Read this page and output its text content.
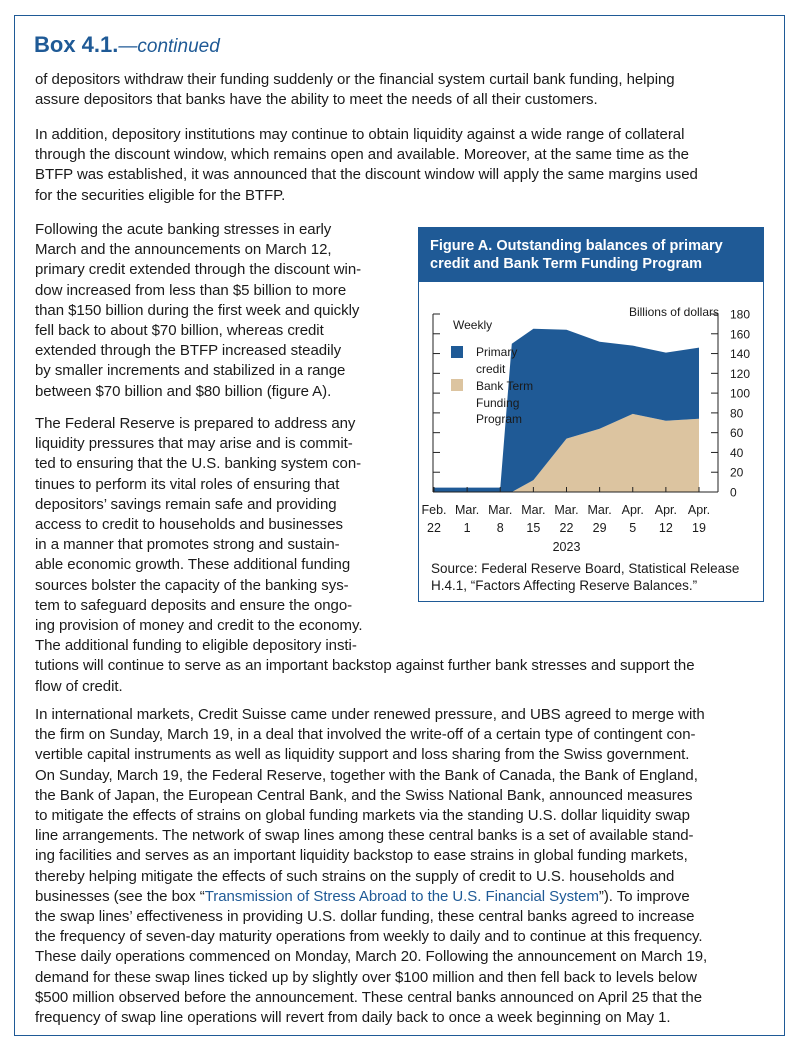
Box 4.1.—continued

of depositors withdraw their funding suddenly or the financial system curtail bank funding, helping
assure depositors that banks have the ability to meet the needs of all their customers.

In addition, depository institutions may continue to obtain liquidity against a wide range of collateral
through the discount window, which remains open and available. Moreover, at the same time as the
BTFP was established, it was announced that the discount window will apply the same margins used
for the securities eligible for the BTFP.

Following the acute banking stresses in early
March and the announcements on March 12,
primary credit extended through the discount win-
dow increased from less than $5 billion to more
than $150 billion during the first week and quickly
fell back to about $70 billion, whereas credit
extended through the BTFP increased steadily
by smaller increments and stabilized in a range
between $70 billion and $80 billion (figure A).

The Federal Reserve is prepared to address any
liquidity pressures that may arise and is commit-
ted to ensuring that the U.S. banking system con-
tinues to perform its vital roles of ensuring that
depositors’ savings remain safe and providing
access to credit to households and businesses
in a manner that promotes strong and sustain-
able economic growth. These additional funding
sources bolster the capacity of the banking sys-
tem to safeguard deposits and ensure the ongo-
ing provision of money and credit to the economy.
The additional funding to eligible depository insti-
tutions will continue to serve as an important backstop against further bank stresses and support the
flow of credit.

In international markets, Credit Suisse came under renewed pressure, and UBS agreed to merge with
the firm on Sunday, March 19, in a deal that involved the write-off of a certain type of contingent con-
vertible capital instruments as well as liquidity support and loss sharing from the Swiss government.
On Sunday, March 19, the Federal Reserve, together with the Bank of Canada, the Bank of England,
the Bank of Japan, the European Central Bank, and the Swiss National Bank, announced measures
to mitigate the effects of strains on global funding markets via the standing U.S. dollar liquidity swap
line arrangements. The network of swap lines among these central banks is a set of available stand-
ing facilities and serves as an important liquidity backstop to ease strains in global funding markets,
thereby helping mitigate the effects of such strains on the supply of credit to U.S. households and
businesses (see the box “Transmission of Stress Abroad to the U.S. Financial System”). To improve
the swap lines’ effectiveness in providing U.S. dollar funding, these central banks agreed to increase
the frequency of seven-day maturity operations from weekly to daily and to continue at this frequency.
These daily operations commenced on Monday, March 20. Following the announcement on March 19,
demand for these swap lines ticked up by slightly over $100 million and then fell back to levels below
$500 million observed before the announcement. These central banks announced on April 25 that the
frequency of swap line operations will revert from daily back to once a week beginning on May 1.

Figure A. Outstanding balances of primary
credit and Bank Term Funding Program
0
20
40
60
80
100
120
140
160
180
Feb.
22
Mar.
1
Mar.
8
Mar.
15
Mar.
22
Mar.
29
Apr.
5
Apr.
12
Apr.
19
2023
Billions of dollars
Weekly
Primary
credit
Bank Term
Funding
Program
Source: Federal Reserve Board, Statistical Release
H.4.1, “Factors Affecting Reserve Balances.”
